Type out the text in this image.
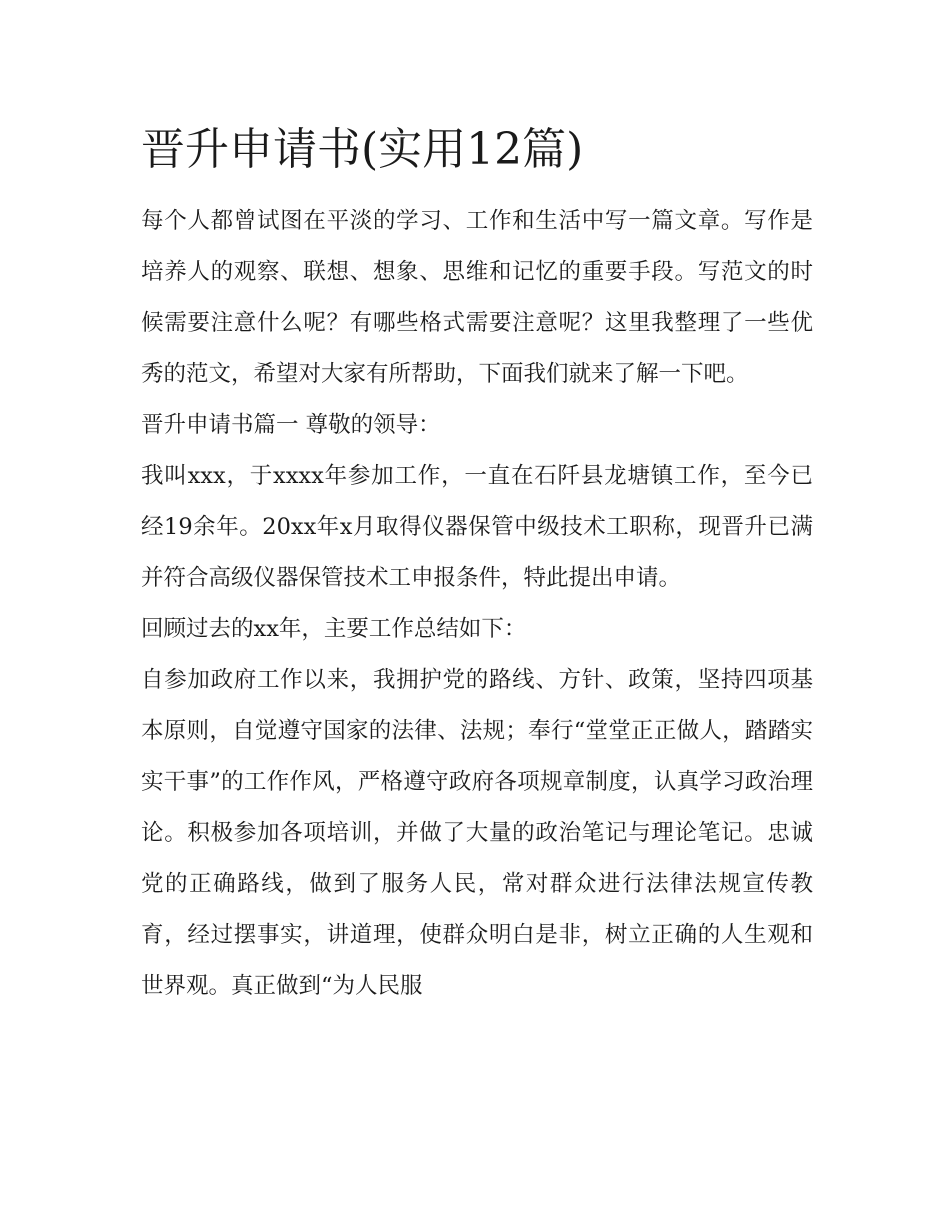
晋升申请书(实用12篇)

每个人都曾试图在平淡的学习、工作和生活中写一篇文章。写作是培养人的观察、联想、想象、思维和记忆的重要手段。写范文的时候需要注意什么呢？有哪些格式需要注意呢？这里我整理了一些优秀的范文，希望对大家有所帮助，下面我们就来了解一下吧。

晋升申请书篇一 尊敬的领导：

我叫xxx，于xxxx年参加工作，一直在石阡县龙塘镇工作，至今已经19余年。20xx年x月取得仪器保管中级技术工职称，现晋升已满并符合高级仪器保管技术工申报条件，特此提出申请。

回顾过去的xx年，主要工作总结如下：

自参加政府工作以来，我拥护党的路线、方针、政策，坚持四项基本原则，自觉遵守国家的法律、法规；奉行“堂堂正正做人，踏踏实实干事”的工作作风，严格遵守政府各项规章制度，认真学习政治理论。积极参加各项培训，并做了大量的政治笔记与理论笔记。忠诚党的正确路线，做到了服务人民，常对群众进行法律法规宣传教育，经过摆事实，讲道理，使群众明白是非，树立正确的人生观和世界观。真正做到“为人民服
